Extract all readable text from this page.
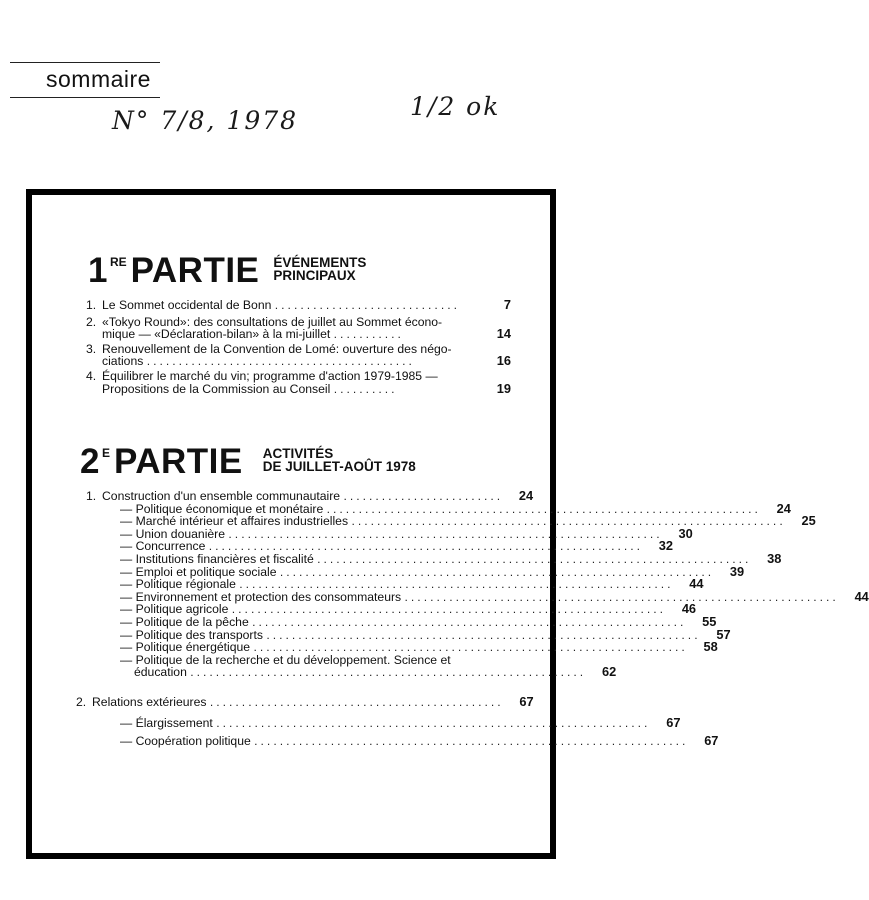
sommaire
N° 7/8, 1978	1/2 ok
1 RE PARTIE ÉVÉNEMENTS
PRINCIPAUX
1. Le Sommet occidental de Bonn .............................	7
2. «Tokyo Round»: des consultations de juillet au Sommet écono-
mique — «Déclaration-bilan» à la mi-juillet ...........	14
3. Renouvellement de la Convention de Lomé: ouverture des négo-
ciations ..........................................	16
4. Équilibrer le marché du vin; programme d'action 1979-1985 —
Propositions de la Commission au Conseil ..........	19
2 E PARTIE ACTIVITÉS
DE JUILLET-AOÛT 1978
1. Construction d'un ensemble communautaire .........................	24
— Politique économique et monétaire ....................................................................	24
— Marché intérieur et affaires industrielles ....................................................................	25
— Union douanière ....................................................................	30
— Concurrence ....................................................................	32
— Institutions financières et fiscalité ....................................................................	38
— Emploi et politique sociale ....................................................................	39
— Politique régionale ....................................................................	44
— Environnement et protection des consommateurs ....................................................................	44
— Politique agricole ....................................................................	46
— Politique de la pêche ....................................................................	55
— Politique des transports ....................................................................	57
— Politique énergétique ....................................................................	58
— Politique de la recherche et du développement. Science et
éducation ..............................................................	62
2. Relations extérieures ..............................................	67
— Élargissement ....................................................................	67
— Coopération politique ....................................................................	67
